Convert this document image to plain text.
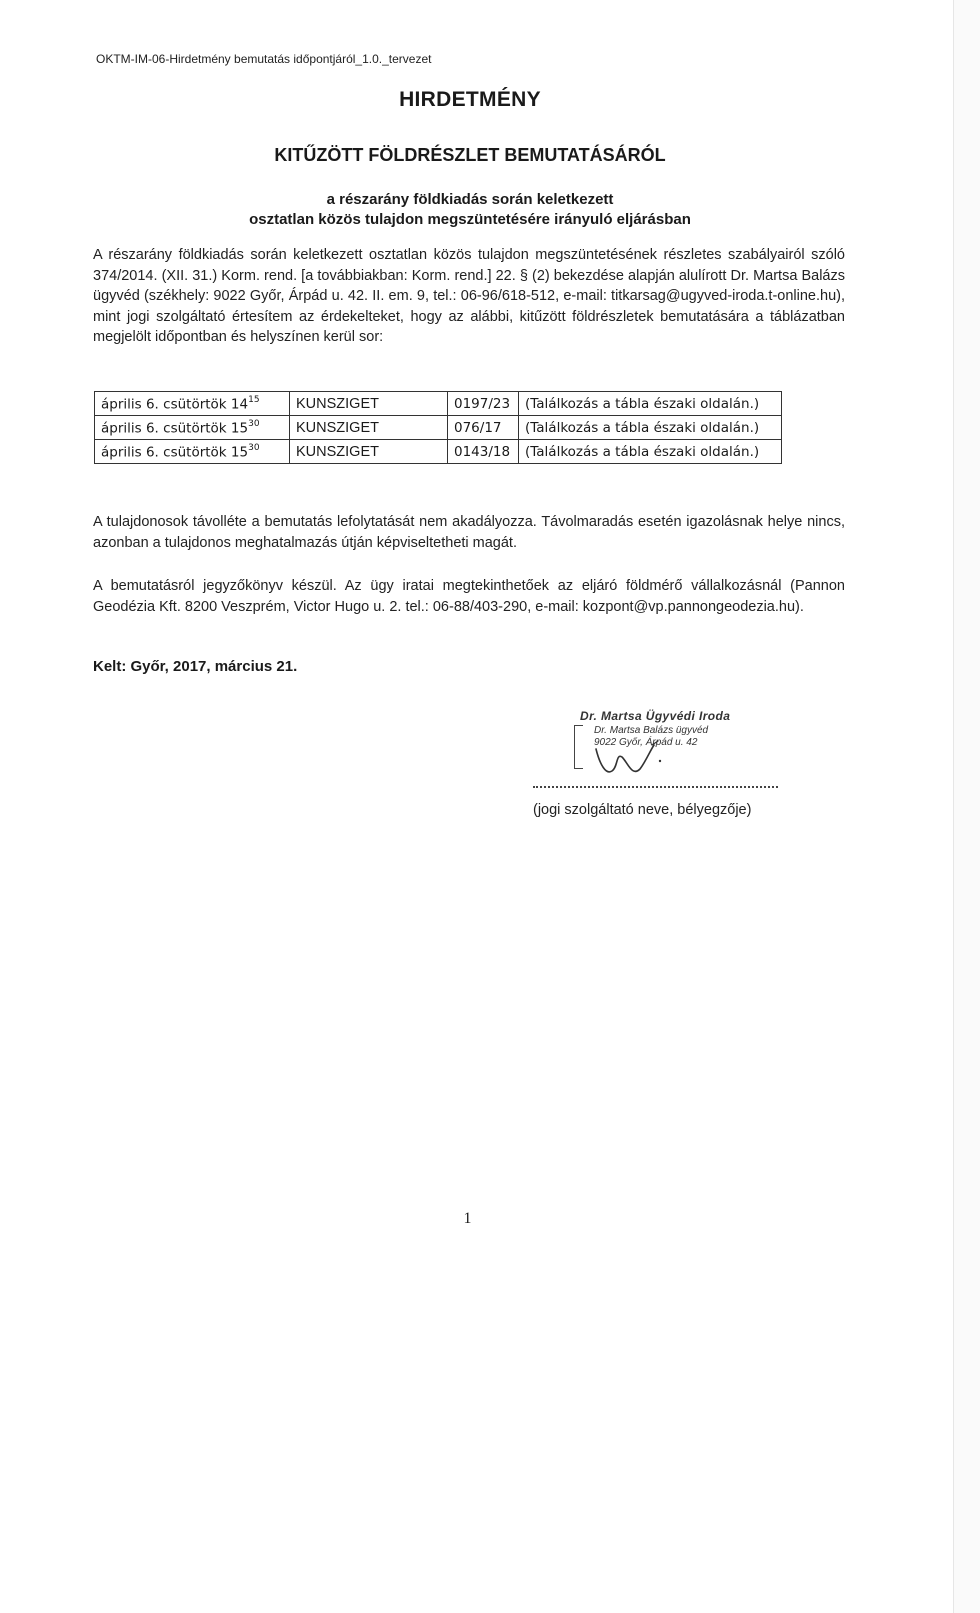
OKTM-IM-06-Hirdetmény bemutatás időpontjáról_1.0._tervezet
HIRDETMÉNY
KITŰZÖTT FÖLDRÉSZLET BEMUTATÁSÁRÓL
a részarány földkiadás során keletkezett
osztatlan közös tulajdon megszüntetésére irányuló eljárásban
A részarány földkiadás során keletkezett osztatlan közös tulajdon megszüntetésének részletes szabályairól szóló 374/2014. (XII. 31.) Korm. rend. [a továbbiakban: Korm. rend.] 22. § (2) bekezdése alapján alulírott Dr. Martsa Balázs ügyvéd (székhely: 9022 Győr, Árpád u. 42. II. em. 9, tel.: 06-96/618-512, e-mail: titkarsag@ugyved-iroda.t-online.hu), mint jogi szolgáltató értesítem az érdekelteket, hogy az alábbi, kitűzött földrészletek bemutatására a táblázatban megjelölt időpontban és helyszínen kerül sor:
április 6. csütörtök $14^{15}$	KUNSZIGET	0197/23	(Találkozás a tábla északi oldalán.)
április 6. csütörtök $15^{30}$	KUNSZIGET	076/17	(Találkozás a tábla északi oldalán.)
április 6. csütörtök $15^{30}$	KUNSZIGET	0143/18	(Találkozás a tábla északi oldalán.)
A tulajdonosok távolléte a bemutatás lefolytatását nem akadályozza. Távolmaradás esetén igazolásnak helye nincs, azonban a tulajdonos meghatalmazás útján képviseltetheti magát.
A bemutatásról jegyzőkönyv készül. Az ügy iratai megtekinthetőek az eljáró földmérő vállalkozásnál (Pannon Geodézia Kft. 8200 Veszprém, Victor Hugo u. 2. tel.: 06-88/403-290, e-mail: kozpont@vp.pannongeodezia.hu).
Kelt: Győr, 2017, március 21.
Dr. Martsa Ügyvédi Iroda
Dr. Martsa Balázs ügyvéd
9022 Győr, Árpád u. 42
(jogi szolgáltató neve, bélyegzője)
1
